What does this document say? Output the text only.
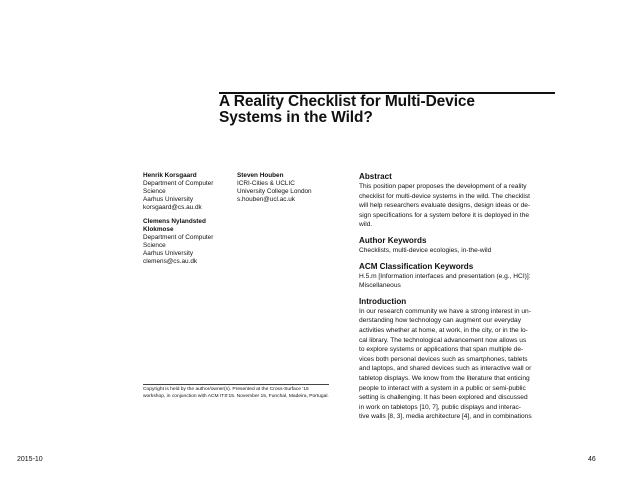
A Reality Checklist for Multi-Device
Systems in the Wild?
Henrik Korsgaard
Department of Computer
Science
Aarhus University
korsgaard@cs.au.dk
Clemens Nylandsted
Klokmose
Department of Computer
Science
Aarhus University
clemens@cs.au.dk
Steven Houben
ICRI-Cities & UCLIC
University College London
s.houben@ucl.ac.uk

Abstract

This position paper proposes the development of a reality

checklist for multi-device systems in the wild. The checklist

will help researchers evaluate designs, design ideas or de-

sign specifications for a system before it is deployed in the

wild.

Author Keywords

Checklists, multi-device ecologies, in-the-wild

ACM Classification Keywords

H.5.m [Information interfaces and presentation (e.g., HCI)]:

Miscellaneous

Introduction

In our research community we have a strong interest in un-

derstanding how technology can augment our everyday

activities whether at home, at work, in the city, or in the lo-

cal library. The technological advancement now allows us

to explore systems or applications that span multiple de-

vices both personal devices such as smartphones, tablets

and laptops, and shared devices such as interactive wall or

tabletop displays. We know from the literature that enticing

people to interact with a system in a public or semi-public

setting is challenging. It has been explored and discussed

in work on tabletops [10, 7], public displays and interac-

tive walls [8, 3], media architecture [4], and in combinations

Copyright is held by the author/owner(s). Presented at the Cross-Surface '15
workshop, in conjunction with ACM ITS'15. November 15, Funchal, Madeira, Portugal.
2015-10	46
